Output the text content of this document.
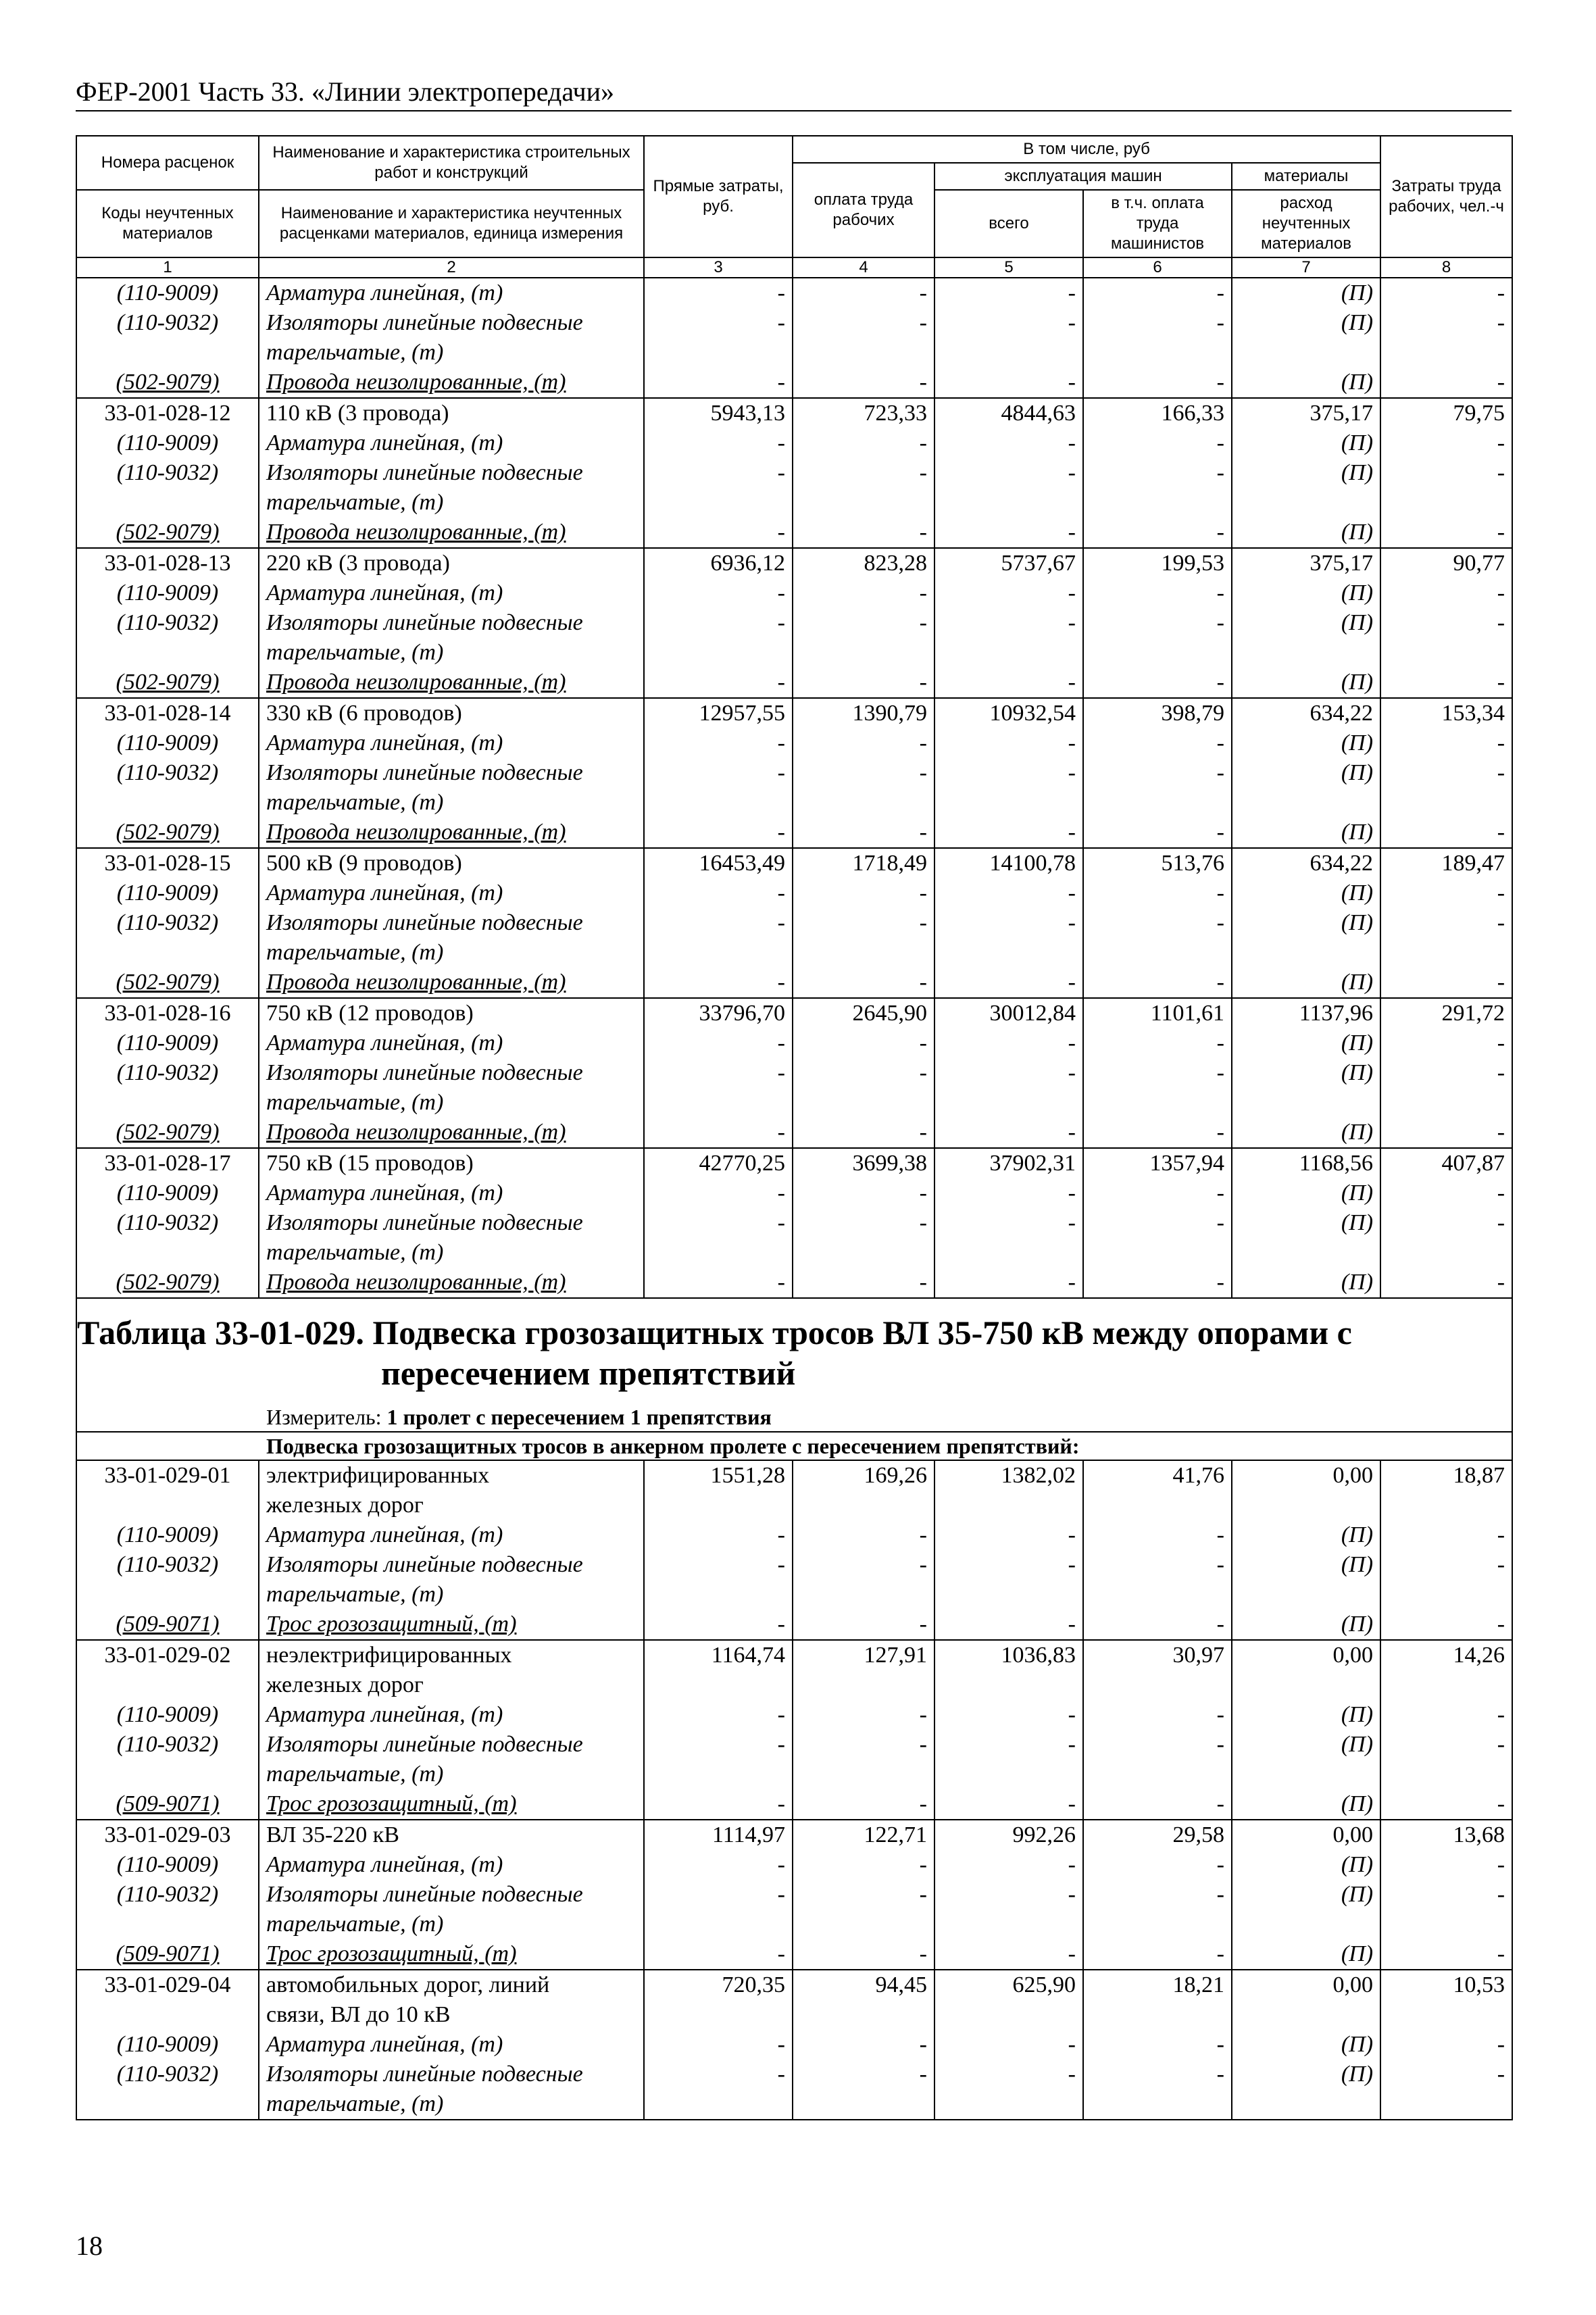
ФЕР-2001 Часть 33. «Линии электропередачи»
Номера расценок	Наименование и характеристика строительных работ и конструкций	Прямые затраты, руб.	В том числе, руб				Затраты труда рабочих, чел.-ч
			оплата труда рабочих	эксплуатация машин		материалы	
Коды неучтенных материалов	Наименование и характеристика неучтенных расценками материалов, единица измерения			всего	в т.ч. оплата труда машинистов	расход неучтенных материалов	
1	2	3	4	5	6	7	8
(110-9009)	Арматура линейная, (т)	-	-	-	-	(П)	-
(110-9032)	Изоляторы линейные подвесные	-	-	-	-	(П)	-
	тарельчатые, (т)						
(502-9079)	Провода неизолированные, (т)	-	-	-	-	(П)	-
33-01-028-12	110 кВ (3 провода)	5943,13	723,33	4844,63	166,33	375,17	79,75
(110-9009)	Арматура линейная, (т)	-	-	-	-	(П)	-
(110-9032)	Изоляторы линейные подвесные	-	-	-	-	(П)	-
	тарельчатые, (т)						
(502-9079)	Провода неизолированные, (т)	-	-	-	-	(П)	-
33-01-028-13	220 кВ (3 провода)	6936,12	823,28	5737,67	199,53	375,17	90,77
(110-9009)	Арматура линейная, (т)	-	-	-	-	(П)	-
(110-9032)	Изоляторы линейные подвесные	-	-	-	-	(П)	-
	тарельчатые, (т)						
(502-9079)	Провода неизолированные, (т)	-	-	-	-	(П)	-
33-01-028-14	330 кВ (6 проводов)	12957,55	1390,79	10932,54	398,79	634,22	153,34
(110-9009)	Арматура линейная, (т)	-	-	-	-	(П)	-
(110-9032)	Изоляторы линейные подвесные	-	-	-	-	(П)	-
	тарельчатые, (т)						
(502-9079)	Провода неизолированные, (т)	-	-	-	-	(П)	-
33-01-028-15	500 кВ (9 проводов)	16453,49	1718,49	14100,78	513,76	634,22	189,47
(110-9009)	Арматура линейная, (т)	-	-	-	-	(П)	-
(110-9032)	Изоляторы линейные подвесные	-	-	-	-	(П)	-
	тарельчатые, (т)						
(502-9079)	Провода неизолированные, (т)	-	-	-	-	(П)	-
33-01-028-16	750 кВ (12 проводов)	33796,70	2645,90	30012,84	1101,61	1137,96	291,72
(110-9009)	Арматура линейная, (т)	-	-	-	-	(П)	-
(110-9032)	Изоляторы линейные подвесные	-	-	-	-	(П)	-
	тарельчатые, (т)						
(502-9079)	Провода неизолированные, (т)	-	-	-	-	(П)	-
33-01-028-17	750 кВ (15 проводов)	42770,25	3699,38	37902,31	1357,94	1168,56	407,87
(110-9009)	Арматура линейная, (т)	-	-	-	-	(П)	-
(110-9032)	Изоляторы линейные подвесные	-	-	-	-	(П)	-
	тарельчатые, (т)						
(502-9079)	Провода неизолированные, (т)	-	-	-	-	(П)	-

Таблица 33-01-029. Подвеска грозозащитных тросов ВЛ 35-750 кВ между опорами с
пересечением препятствий
Измеритель: 1 пролет с пересечением 1 препятствия							

Подвеска грозозащитных тросов в анкерном пролете с пересечением препятствий:							
33-01-029-01	электрифицированных	1551,28	169,26	1382,02	41,76	0,00	18,87
	железных дорог						
(110-9009)	Арматура линейная, (т)	-	-	-	-	(П)	-
(110-9032)	Изоляторы линейные подвесные	-	-	-	-	(П)	-
	тарельчатые, (т)						
(509-9071)	Трос грозозащитный, (т)	-	-	-	-	(П)	-
33-01-029-02	неэлектрифицированных	1164,74	127,91	1036,83	30,97	0,00	14,26
	железных дорог						
(110-9009)	Арматура линейная, (т)	-	-	-	-	(П)	-
(110-9032)	Изоляторы линейные подвесные	-	-	-	-	(П)	-
	тарельчатые, (т)						
(509-9071)	Трос грозозащитный, (т)	-	-	-	-	(П)	-
33-01-029-03	ВЛ 35-220 кВ	1114,97	122,71	992,26	29,58	0,00	13,68
(110-9009)	Арматура линейная, (т)	-	-	-	-	(П)	-
(110-9032)	Изоляторы линейные подвесные	-	-	-	-	(П)	-
	тарельчатые, (т)						
(509-9071)	Трос грозозащитный, (т)	-	-	-	-	(П)	-
33-01-029-04	автомобильных дорог, линий	720,35	94,45	625,90	18,21	0,00	10,53
	связи, ВЛ до 10 кВ						
(110-9009)	Арматура линейная, (т)	-	-	-	-	(П)	-
(110-9032)	Изоляторы линейные подвесные	-	-	-	-	(П)	-
	тарельчатые, (т)						
18
